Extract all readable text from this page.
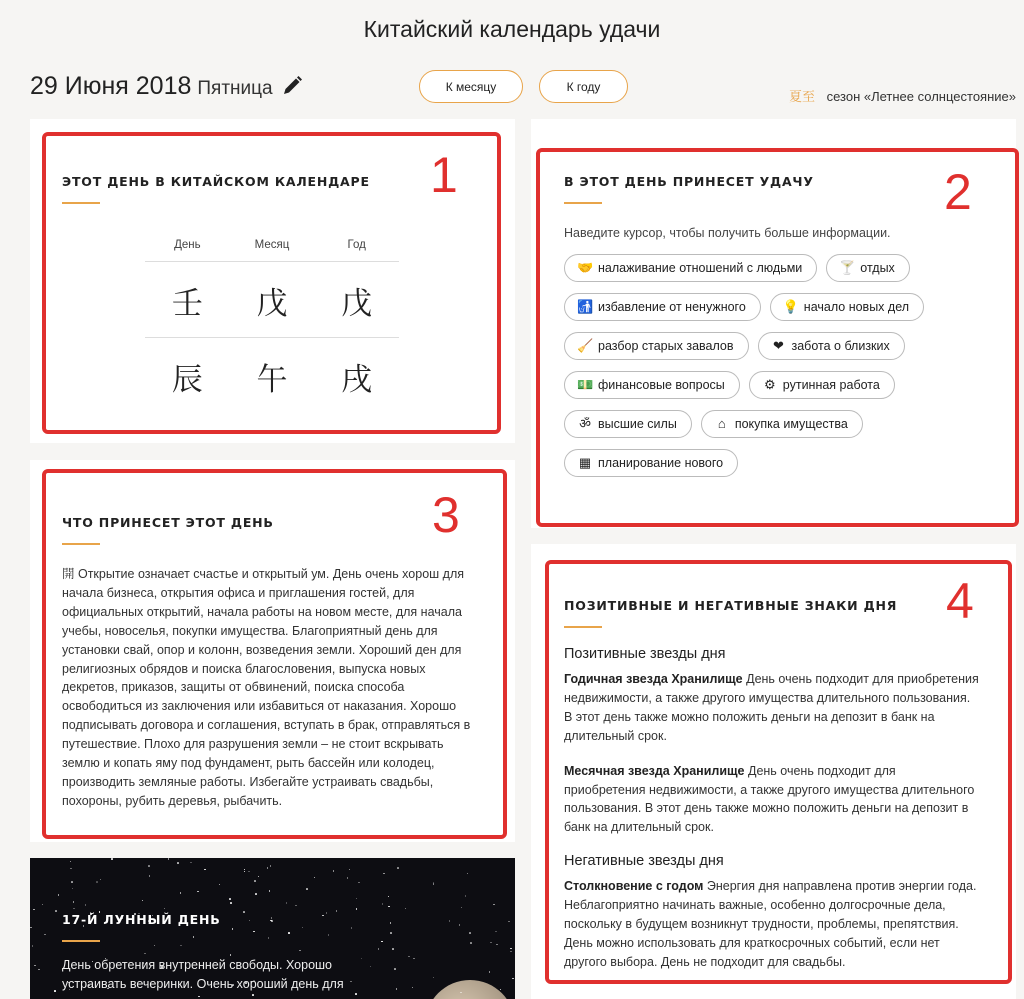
Китайский календарь удачи
29 Июня 2018 Пятница	К месяцу	К году
夏至 сезон «Летнее солнцестояние»
ЭТОТ ДЕНЬ В КИТАЙСКОМ КАЛЕНДАРЕ
День	Месяц	Год
壬	戊	戊
辰	午	戌
В ЭТОТ ДЕНЬ ПРИНЕСЕТ УДАЧУ
Наведите курсор, чтобы получить больше информации.
🤝 налаживание отношений с людьми	🍸 отдых
🚮 избавление от ненужного	💡 начало новых дел
🧹 разбор старых завалов	❤ забота о близких
💵 финансовые вопросы	⚙ рутинная работа
ॐ высшие силы	⌂ покупка имущества
▦ планирование нового
ЧТО ПРИНЕСЕТ ЭТОТ ДЕНЬ
開 Открытие означает счастье и открытый ум. День очень хорош для начала бизнеса, открытия офиса и приглашения гостей, для официальных открытий, начала работы на новом месте, для начала учебы, новоселья, покупки имущества. Благоприятный день для установки свай, опор и колонн, возведения земли. Хороший ден для религиозных обрядов и поиска благословения, выпуска новых декретов, приказов, защиты от обвинений, поиска способа освободиться из заключения или избавиться от наказания. Хорошо подписывать договора и соглашения, вступать в брак, отправляться в путешествие. Плохо для разрушения земли – не стоит вскрывать землю и копать яму под фундамент, рыть бассейн или колодец, производить земляные работы. Избегайте устраивать свадьбы, похороны, рубить деревья, рыбачить.
ПОЗИТИВНЫЕ И НЕГАТИВНЫЕ ЗНАКИ ДНЯ
Позитивные звезды дня
Годичная звезда Хранилище День очень подходит для приобретения недвижимости, а также другого имущества длительного пользования. В этот день также можно положить деньги на депозит в банк на длительный срок.
Месячная звезда Хранилище День очень подходит для приобретения недвижимости, а также другого имущества длительного пользования. В этот день также можно положить деньги на депозит в банк на длительный срок.
Негативные звезды дня
Столкновение с годом Энергия дня направлена против энергии года. Неблагоприятно начинать важные, особенно долгосрочные дела, поскольку в будущем возникнут трудности, проблемы, препятствия. День можно использовать для краткосрочных событий, если нет другого выбора. День не подходит для свадьбы.
17-Й ЛУННЫЙ ДЕНЬ
День обретения внутренней свободы. Хорошо устраивать вечеринки. Очень хороший день для
1	2
3
4
